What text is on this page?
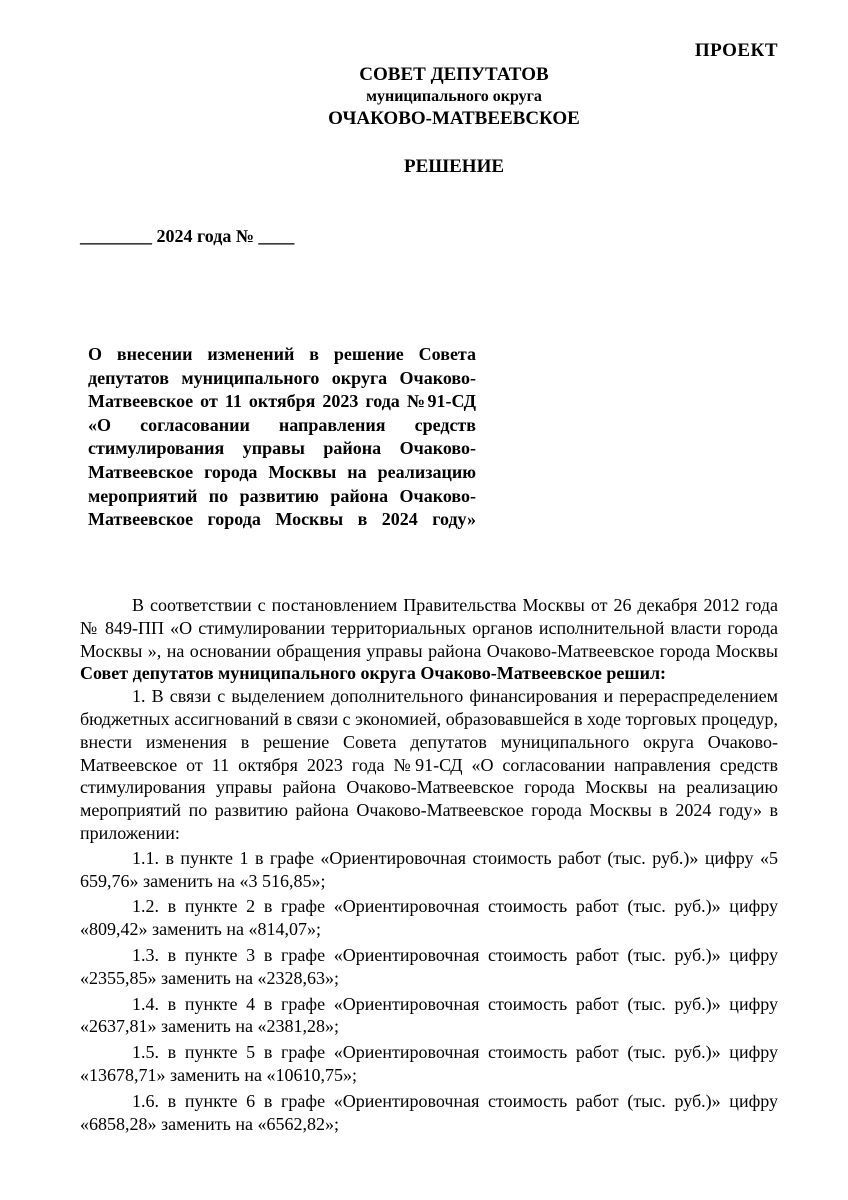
ПРОЕКТ
СОВЕТ ДЕПУТАТОВ
муниципального округа
ОЧАКОВО-МАТВЕЕВСКОЕ
РЕШЕНИЕ
________ 2024 года № ____
О внесении изменений в решение Совета депутатов муниципального округа Очаково-Матвеевское от 11 октября 2023 года №91-СД «О согласовании направления средств стимулирования управы района Очаково-Матвеевское города Москвы на реализацию мероприятий по развитию района Очаково-Матвеевское города Москвы в 2024 году»

В соответствии с постановлением Правительства Москвы от 26 декабря 2012 года № 849-ПП «О стимулировании территориальных органов исполнительной власти города Москвы », на основании обращения управы района Очаково-Матвеевское города Москвы Совет депутатов муниципального округа Очаково-Матвеевское решил:

1. В связи с выделением дополнительного финансирования и перераспределением бюджетных ассигнований в связи с экономией, образовавшейся в ходе торговых процедур, внести изменения в решение Совета депутатов муниципального округа Очаково-Матвеевское от 11 октября 2023 года №91-СД «О согласовании направления средств стимулирования управы района Очаково-Матвеевское города Москвы на реализацию мероприятий по развитию района Очаково-Матвеевское города Москвы в 2024 году» в приложении:

1.1. в пункте 1 в графе «Ориентировочная стоимость работ (тыс. руб.)» цифру «5 659,76» заменить на «3 516,85»;

1.2. в пункте 2 в графе «Ориентировочная стоимость работ (тыс. руб.)» цифру «809,42» заменить на «814,07»;

1.3. в пункте 3 в графе «Ориентировочная стоимость работ (тыс. руб.)» цифру «2355,85» заменить на «2328,63»;

1.4. в пункте 4 в графе «Ориентировочная стоимость работ (тыс. руб.)» цифру «2637,81» заменить на «2381,28»;

1.5. в пункте 5 в графе «Ориентировочная стоимость работ (тыс. руб.)» цифру «13678,71» заменить на «10610,75»;

1.6. в пункте 6 в графе «Ориентировочная стоимость работ (тыс. руб.)» цифру «6858,28» заменить на «6562,82»;
